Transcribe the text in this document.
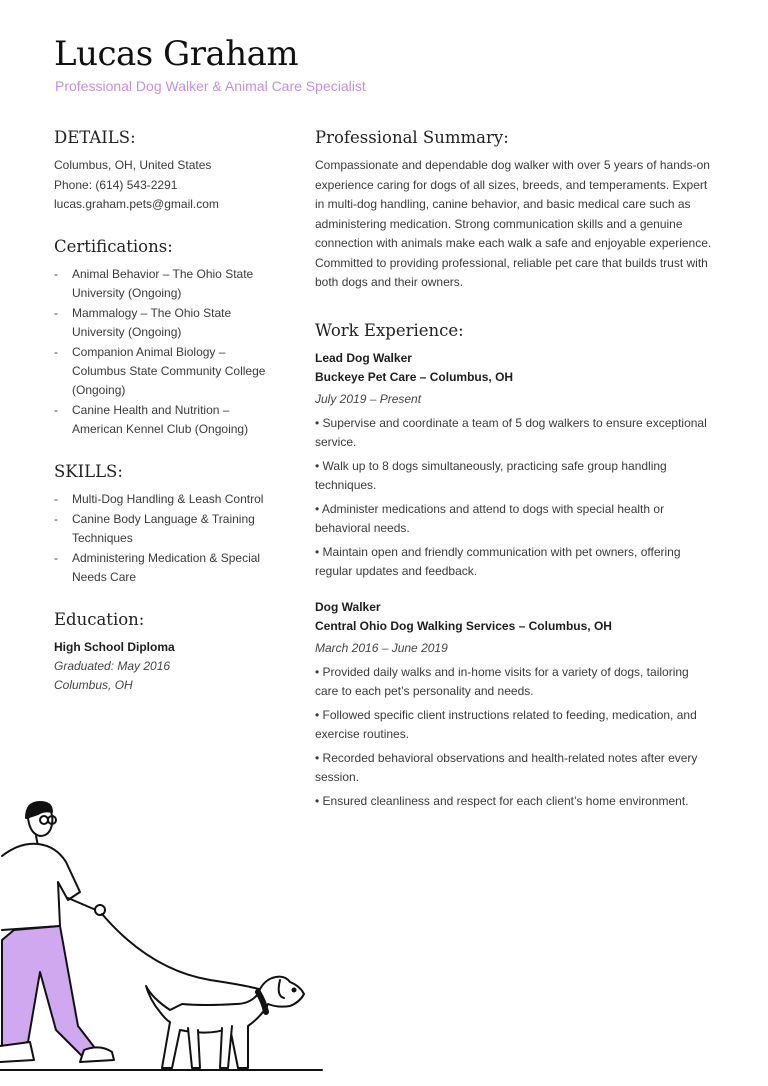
Lucas Graham
Professional Dog Walker & Animal Care Specialist
DETAILS:
Columbus, OH, United States
Phone: (614) 543-2291
lucas.graham.pets@gmail.com
Certifications:
- Animal Behavior – The Ohio State University (Ongoing)
- Mammalogy – The Ohio State University (Ongoing)
- Companion Animal Biology – Columbus State Community College (Ongoing)
- Canine Health and Nutrition – American Kennel Club (Ongoing)
SKILLS:
- Multi-Dog Handling & Leash Control
- Canine Body Language & Training Techniques
- Administering Medication & Special Needs Care
Education:
High School Diploma
Graduated: May 2016
Columbus, OH
Professional Summary:

Compassionate and dependable dog walker with over 5 years of hands-on experience caring for dogs of all sizes, breeds, and temperaments. Expert in multi-dog handling, canine behavior, and basic medical care such as administering medication. Strong communication skills and a genuine connection with animals make each walk a safe and enjoyable experience. Committed to providing professional, reliable pet care that builds trust with both dogs and their owners.

Work Experience:
Lead Dog Walker
Buckeye Pet Care – Columbus, OH
July 2019 – Present
• Supervise and coordinate a team of 5 dog walkers to ensure exceptional service.
• Walk up to 8 dogs simultaneously, practicing safe group handling techniques.
• Administer medications and attend to dogs with special health or behavioral needs.
• Maintain open and friendly communication with pet owners, offering regular updates and feedback.
Dog Walker
Central Ohio Dog Walking Services – Columbus, OH
March 2016 – June 2019
• Provided daily walks and in-home visits for a variety of dogs, tailoring care to each pet’s personality and needs.
• Followed specific client instructions related to feeding, medication, and exercise routines.
• Recorded behavioral observations and health-related notes after every session.
• Ensured cleanliness and respect for each client’s home environment.
